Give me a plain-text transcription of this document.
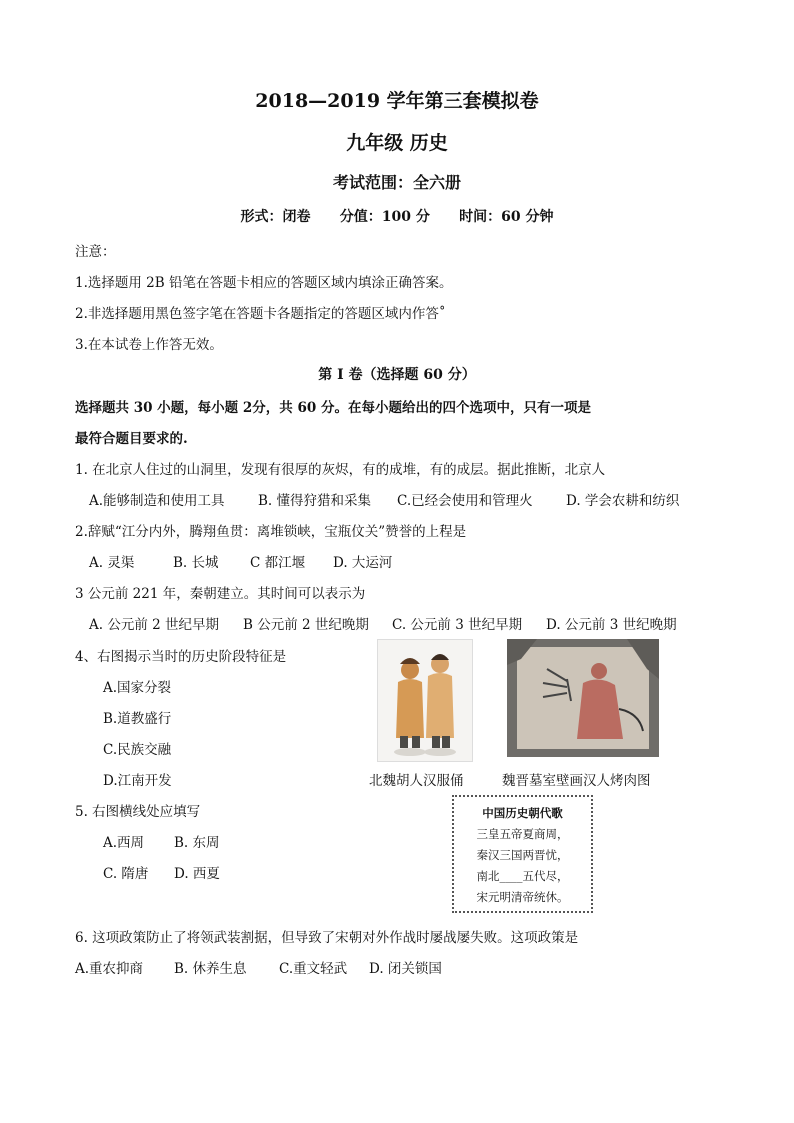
2018—2019 学年第三套模拟卷
九年级 历史
考试范围：全六册
形式：闭卷      分值：100 分      时间：60 分钟
注意：
1.选择题用 2B 铅笔在答题卡相应的答题区域内填涂正确答案。
2.非选择题用黑色签字笔在答题卡各题指定的答题区域内作答˚
3.在本试卷上作答无效。
第 I 卷（选择题 60 分）
选择题共 30 小题，每小题 2分，共 60 分。在每小题给出的四个选项中，只有一项是
最符合题目要求的.
1. 在北京人住过的山洞里，发现有很厚的灰烬，有的成堆，有的成层。据此推断，北京人
A.能够制造和使用工具 B. 懂得狩猎和采集 C.已经会使用和管理火 D. 学会农耕和纺织
2.辞赋“江分内外，腾翔鱼贯：离堆锁峡，宝瓶伩关”赞誉的上程是
A. 灵渠	B. 长城 C 都江堰 D. 大运河
3 公元前 221 年，秦朝建立。其时间可以表示为
A. 公元前 2 世纪早期 B 公元前 2 世纪晚期 C. 公元前 3 世纪早期 D. 公元前 3 世纪晚期
4、右图揭示当时的历史阶段特征是
A.国家分裂
B.道教盛行
C.民族交融
D.江南开发	北魏胡人汉服俑	魏晋墓室壁画汉人烤肉图
5. 右图横线处应填写
A.西周 B. 东周
C. 隋唐 D. 西夏
中国历史朝代歌
三皇五帝夏商周，
秦汉三国两晋忧，
南北____五代尽，
宋元明清帝统休。
6. 这项政策防止了将领武装割据，但导致了宋朝对外作战时屡战屡失败。这项政策是
A.重农抑商 B. 休养生息 C.重文轻武 D. 闭关锁国
